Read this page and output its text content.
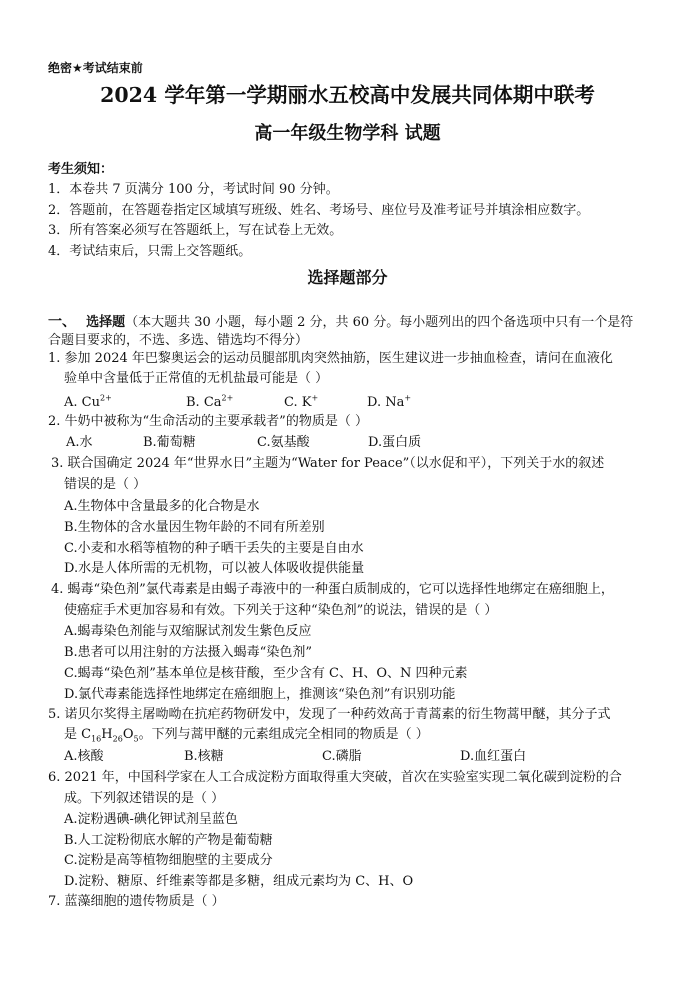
绝密★考试结束前
2024 学年第一学期丽水五校高中发展共同体期中联考
高一年级生物学科 试题
考生须知：
1．本卷共 7 页满分 100 分，考试时间 90 分钟。
2．答题前，在答题卷指定区域填写班级、姓名、考场号、座位号及准考证号并填涂相应数字。
3．所有答案必须写在答题纸上，写在试卷上无效。
4．考试结束后，只需上交答题纸。
选择题部分
一、 选择题（本大题共 30 小题，每小题 2 分，共 60 分。每小题列出的四个备选项中只有一个是符
合题目要求的，不选、多选、错选均不得分）
1. 参加 2024 年巴黎奥运会的运动员腿部肌肉突然抽筋，医生建议进一步抽血检查，请问在血液化
验单中含量低于正常值的无机盐最可能是（ ）
A. $Cu^{2+}$	B. $Ca^{2+}$	C. K+	D. Na+
2. 牛奶中被称为“生命活动的主要承载者”的物质是（ ）
A.水	B.葡萄糖	C.氨基酸	D.蛋白质
3. 联合国确定 2024 年“世界水日”主题为“Water for Peace”（以水促和平），下列关于水的叙述
错误的是（ ）
A.生物体中含量最多的化合物是水
B.生物体的含水量因生物年龄的不同有所差别
C.小麦和水稻等植物的种子晒干丢失的主要是自由水
D.水是人体所需的无机物，可以被人体吸收提供能量
4. 蝎毒“染色剂”氯代毒素是由蝎子毒液中的一种蛋白质制成的，它可以选择性地绑定在癌细胞上，
使癌症手术更加容易和有效。下列关于这种“染色剂”的说法，错误的是（ ）
A.蝎毒染色剂能与双缩脲试剂发生紫色反应
B.患者可以用注射的方法摄入蝎毒“染色剂”
C.蝎毒“染色剂”基本单位是核苷酸，至少含有 C、H、O、N 四种元素
D.氯代毒素能选择性地绑定在癌细胞上，推测该“染色剂”有识别功能
5. 诺贝尔奖得主屠呦呦在抗疟药物研发中，发现了一种药效高于青蒿素的衍生物蒿甲醚，其分子式
是 $C_{16}H_{26}O_5$。下列与蒿甲醚的元素组成完全相同的物质是（ ）
A.核酸	B.核糖	C.磷脂	D.血红蛋白
6. 2021 年，中国科学家在人工合成淀粉方面取得重大突破，首次在实验室实现二氧化碳到淀粉的合
成。下列叙述错误的是（ ）
A.淀粉遇碘-碘化钾试剂呈蓝色
B.人工淀粉彻底水解的产物是葡萄糖
C.淀粉是高等植物细胞壁的主要成分
D.淀粉、糖原、纤维素等都是多糖，组成元素均为 C、H、O
7. 蓝藻细胞的遗传物质是（ ）
